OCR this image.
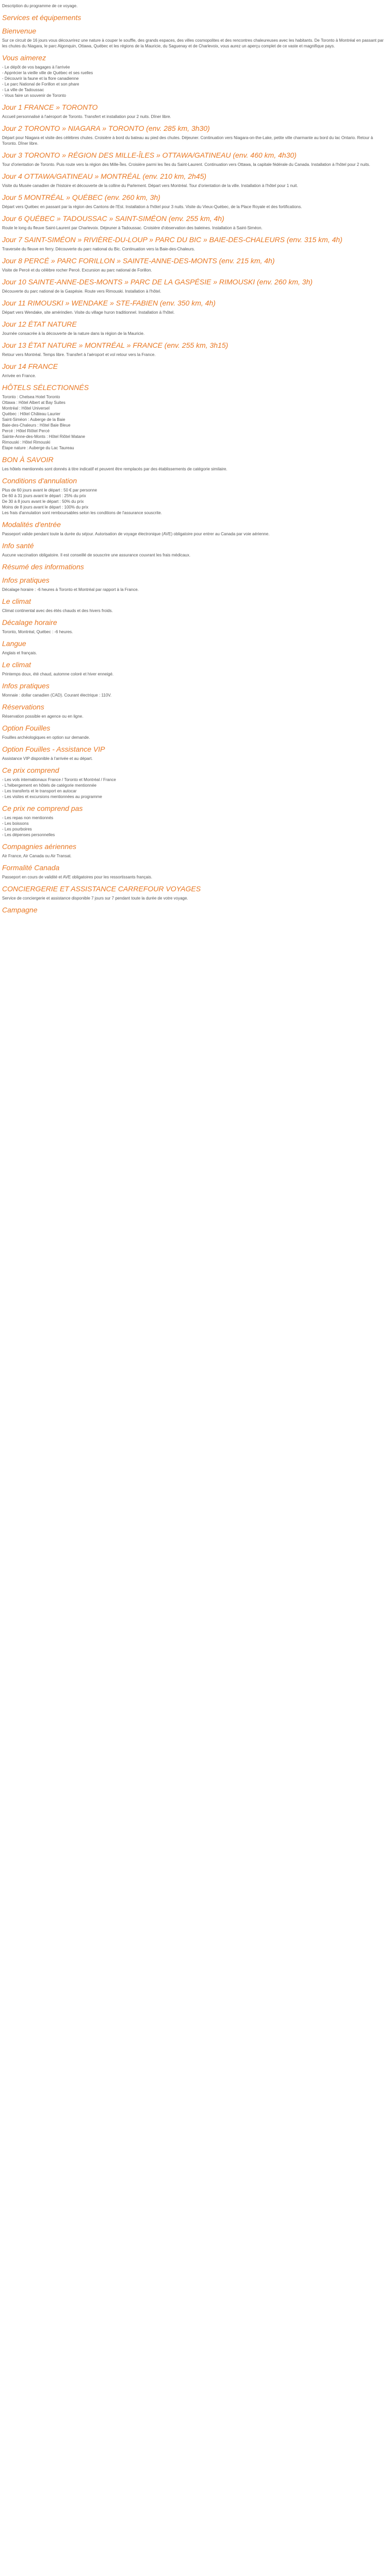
Description du programme de ce voyage.
Services et équipements
Bienvenue
Sur ce circuit de 16 jours vous découvrirez une nature à couper le souffle, des grands espaces, des villes cosmopolites et des rencontres chaleureuses avec les habitants. De Toronto à Montréal en passant par les chutes du Niagara, le parc Algonquin, Ottawa, Québec et les régions de la Mauricie, du Saguenay et de Charlevoix, vous aurez un aperçu complet de ce vaste et magnifique pays.
Vous aimerez
- Le dépôt de vos bagages à l'arrivée
- Apprécier la vieille ville de Québec et ses ruelles
- Découvrir la faune et la flore canadienne
- Le parc National de Forillon et son phare
- La ville de Tadoussac
- Vous faire un souvenir de Toronto
Jour 1 FRANCE » TORONTO
Accueil personnalisé à l'aéroport de Toronto. Transfert et installation pour 2 nuits. Dîner libre.
Jour 2 TORONTO » NIAGARA » TORONTO (env. 285 km, 3h30)
Départ pour Niagara et visite des célèbres chutes. Croisière à bord du bateau au pied des chutes. Déjeuner. Continuation vers Niagara-on-the-Lake, petite ville charmante au bord du lac Ontario. Retour à Toronto. Dîner libre.
Jour 3 TORONTO » RÉGION DES MILLE-ÎLES » OTTAWA/GATINEAU (env. 460 km, 4h30)
Tour d'orientation de Toronto. Puis route vers la région des Mille-Îles. Croisière parmi les îles du Saint-Laurent. Continuation vers Ottawa, la capitale fédérale du Canada. Installation à l'hôtel pour 2 nuits.
Jour 4 OTTAWA/GATINEAU » MONTRÉAL (env. 210 km, 2h45)
Visite du Musée canadien de l'histoire et découverte de la colline du Parlement. Départ vers Montréal. Tour d'orientation de la ville. Installation à l'hôtel pour 1 nuit.
Jour 5 MONTRÉAL » QUÉBEC (env. 260 km, 3h)
Départ vers Québec en passant par la région des Cantons de l'Est. Installation à l'hôtel pour 3 nuits. Visite du Vieux-Québec, de la Place Royale et des fortifications.
Jour 6 QUÉBEC » TADOUSSAC » SAINT-SIMÉON (env. 255 km, 4h)
Route le long du fleuve Saint-Laurent par Charlevoix. Déjeuner à Tadoussac. Croisière d'observation des baleines. Installation à Saint-Siméon.
Jour 7 SAINT-SIMÉON » RIVIÈRE-DU-LOUP » PARC DU BIC » BAIE-DES-CHALEURS (env. 315 km, 4h)
Traversée du fleuve en ferry. Découverte du parc national du Bic. Continuation vers la Baie-des-Chaleurs.
Jour 8 PERCÉ » PARC FORILLON » SAINTE-ANNE-DES-MONTS (env. 215 km, 4h)
Visite de Percé et du célèbre rocher Percé. Excursion au parc national de Forillon.
Jour 10 SAINTE-ANNE-DES-MONTS » PARC DE LA GASPÉSIE » RIMOUSKI (env. 260 km, 3h)
Découverte du parc national de la Gaspésie. Route vers Rimouski. Installation à l'hôtel.
Jour 11 RIMOUSKI » WENDAKE » STE-FABIEN (env. 350 km, 4h)
Départ vers Wendake, site amérindien. Visite du village huron traditionnel. Installation à l'hôtel.
Jour 12 ÉTAT NATURE
Journée consacrée à la découverte de la nature dans la région de la Mauricie.
Jour 13 ÉTAT NATURE » MONTRÉAL » FRANCE (env. 255 km, 3h15)
Retour vers Montréal. Temps libre. Transfert à l'aéroport et vol retour vers la France.
Jour 14 FRANCE
Arrivée en France.
HÔTELS SÉLECTIONNÉS
Toronto : Chelsea Hotel Toronto
Ottawa : Hôtel Albert at Bay Suites
Montréal : Hôtel Universel
Québec : Hôtel Château Laurier
Saint-Siméon : Auberge de la Baie
Baie-des-Chaleurs : Hôtel Baie Bleue
Percé : Hôtel Riôtel Percé
Sainte-Anne-des-Monts : Hôtel Riôtel Matane
Rimouski : Hôtel Rimouski
Étape nature : Auberge du Lac Taureau
BON À SAVOIR
Les hôtels mentionnés sont donnés à titre indicatif et peuvent être remplacés par des établissements de catégorie similaire.
Conditions d'annulation
Plus de 60 jours avant le départ : 50 € par personne
De 60 à 31 jours avant le départ : 25% du prix
De 30 à 8 jours avant le départ : 50% du prix
Moins de 8 jours avant le départ : 100% du prix
Les frais d'annulation sont remboursables selon les conditions de l'assurance souscrite.
Modalités d'entrée
Passeport valide pendant toute la durée du séjour. Autorisation de voyage électronique (AVE) obligatoire pour entrer au Canada par voie aérienne.
Info santé
Aucune vaccination obligatoire. Il est conseillé de souscrire une assurance couvrant les frais médicaux.
Résumé des informations
Infos pratiques
Décalage horaire : -6 heures à Toronto et Montréal par rapport à la France.
Le climat
Climat continental avec des étés chauds et des hivers froids.
Décalage horaire
Toronto, Montréal, Québec : -6 heures.
Langue
Anglais et français.
Le climat
Printemps doux, été chaud, automne coloré et hiver enneigé.
Infos pratiques
Monnaie : dollar canadien (CAD). Courant électrique : 110V.
Réservations
Réservation possible en agence ou en ligne.
Option Fouilles
Fouilles archéologiques en option sur demande.
Option Fouilles - Assistance VIP
Assistance VIP disponible à l'arrivée et au départ.
Ce prix comprend
- Les vols internationaux France / Toronto et Montréal / France
- L'hébergement en hôtels de catégorie mentionnée
- Les transferts et le transport en autocar
- Les visites et excursions mentionnées au programme
Ce prix ne comprend pas
- Les repas non mentionnés
- Les boissons
- Les pourboires
- Les dépenses personnelles
Compagnies aériennes
Air France, Air Canada ou Air Transat.
Formalité Canada
Passeport en cours de validité et AVE obligatoires pour les ressortissants français.
CONCIERGERIE ET ASSISTANCE CARREFOUR VOYAGES
Service de conciergerie et assistance disponible 7 jours sur 7 pendant toute la durée de votre voyage.
Campagne
